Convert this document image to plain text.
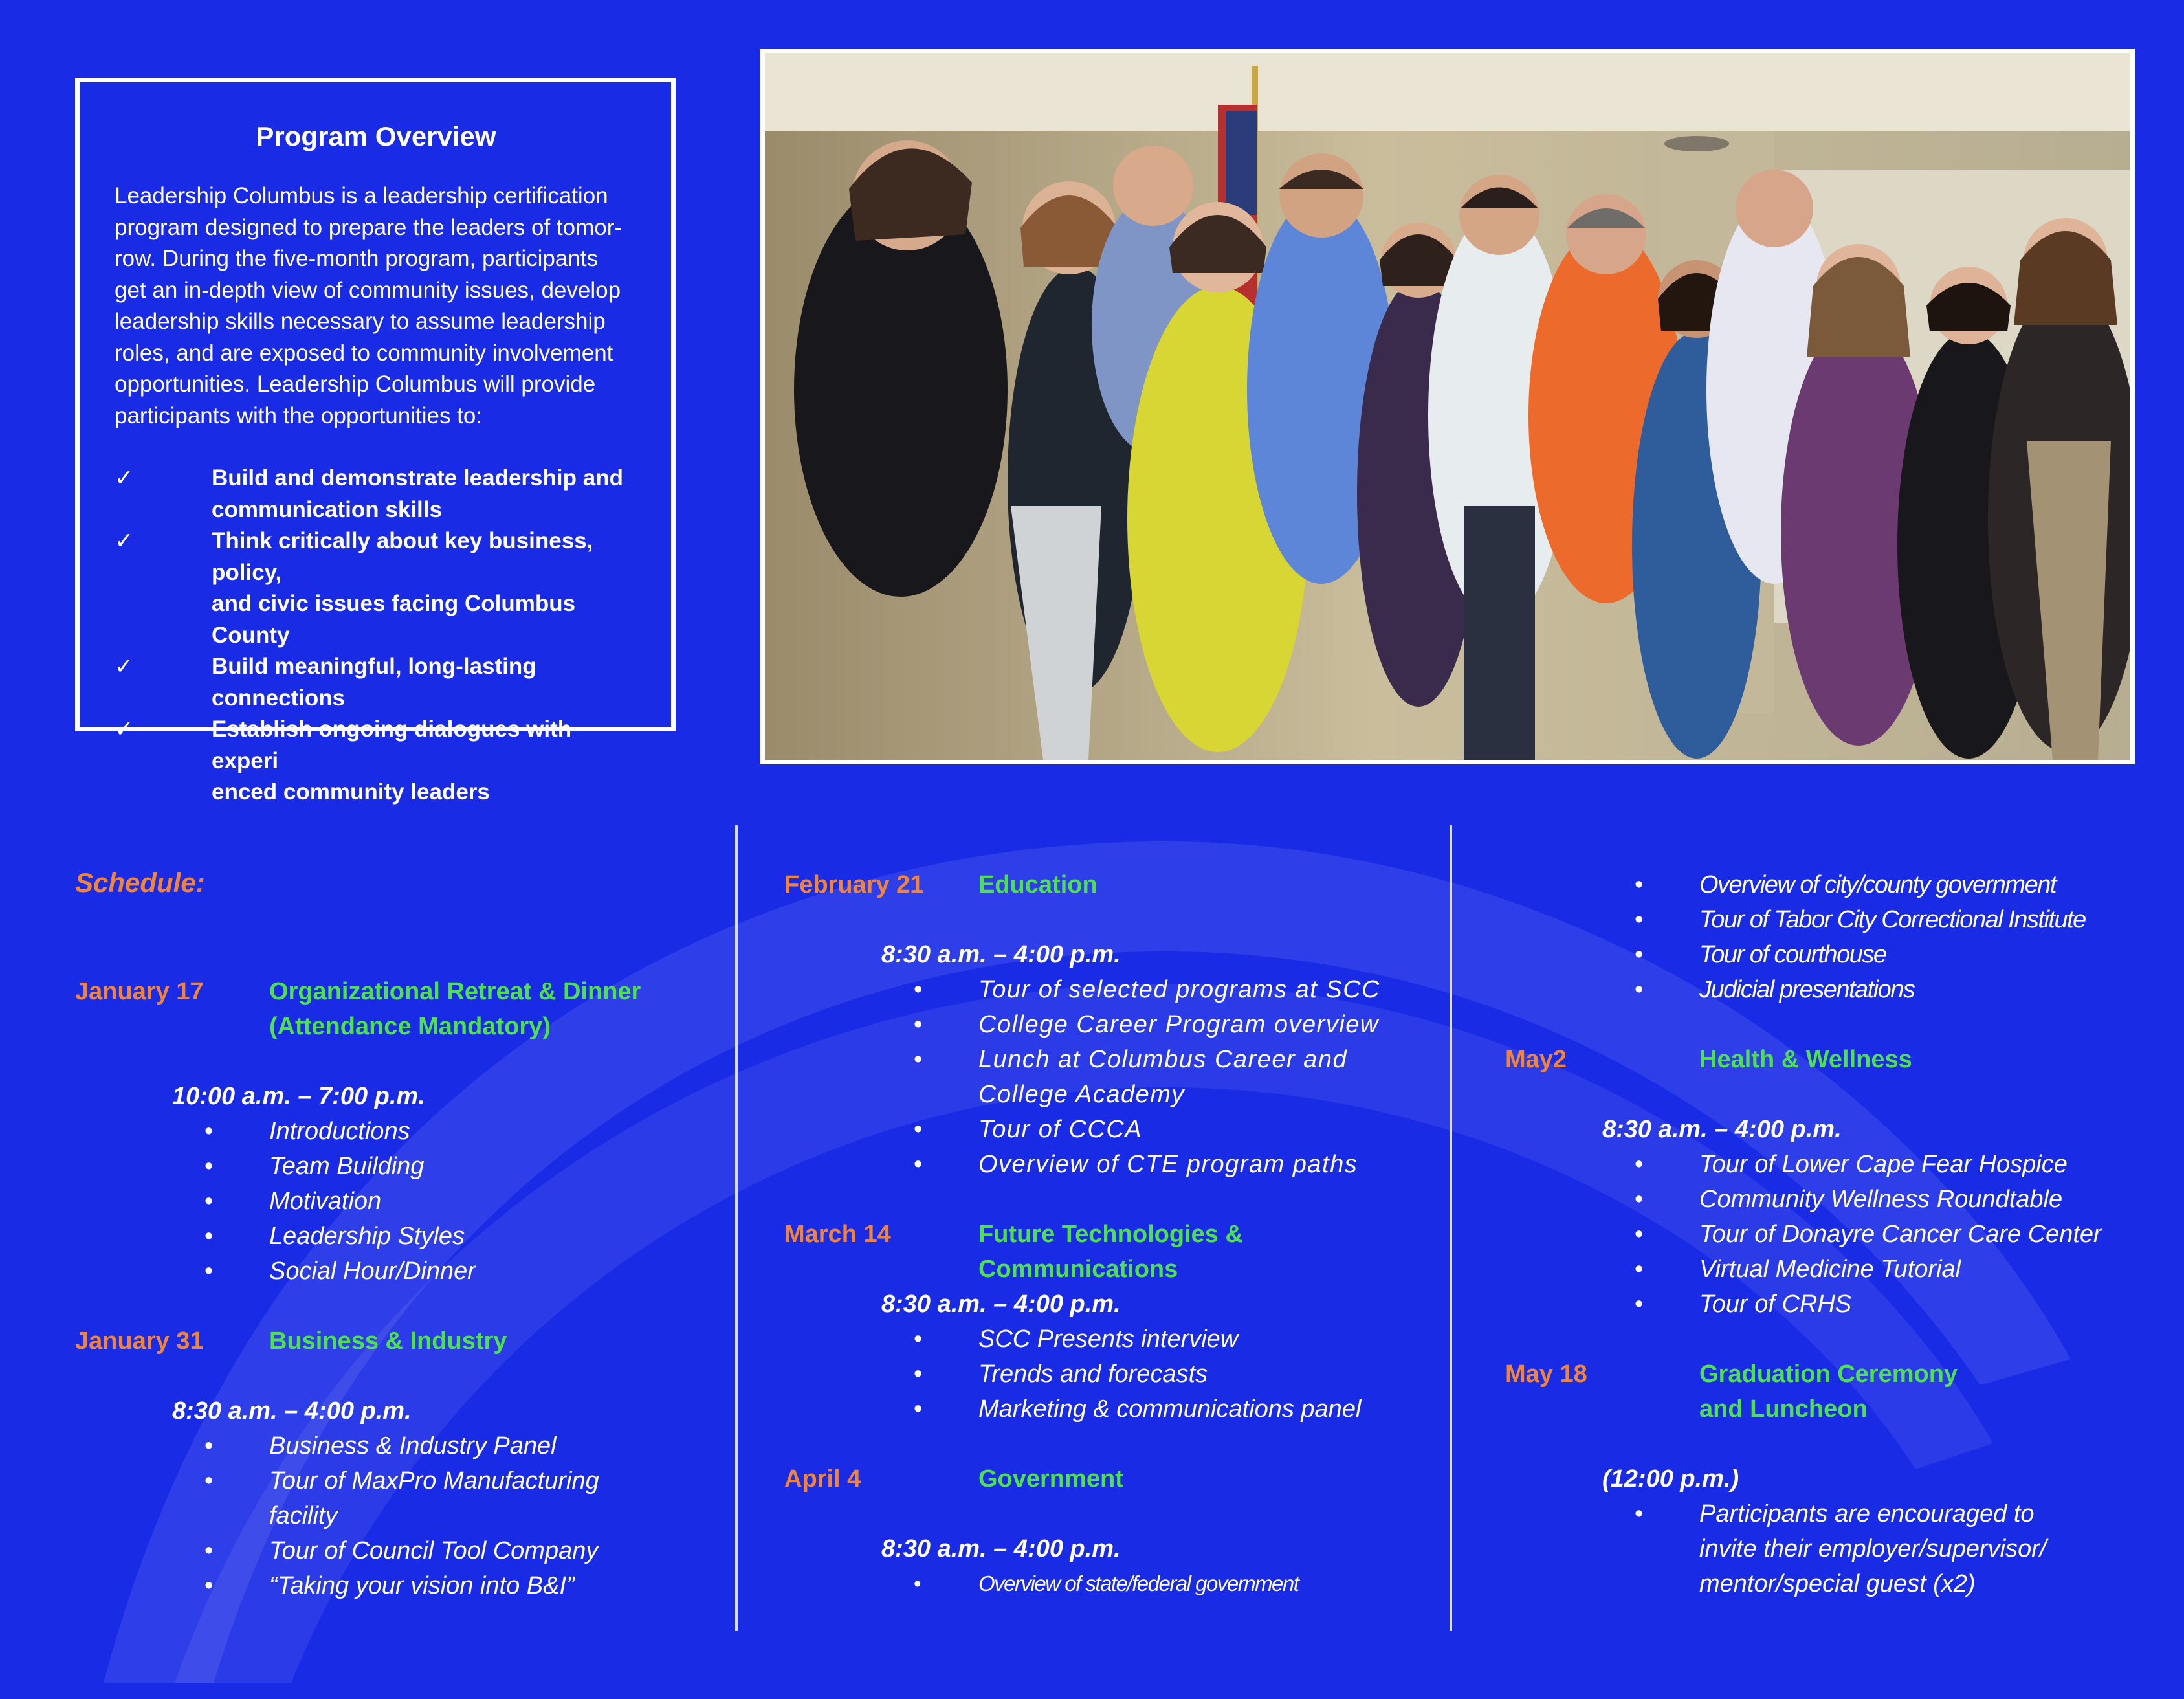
Program Overview

Leadership Columbus is a leadership certification
program designed to prepare the leaders of tomor-
row. During the five-month program, participants
get an in-depth view of community issues, develop
leadership skills necessary to assume leadership
roles, and are exposed to community involvement
opportunities. Leadership Columbus will provide
participants with the opportunities to:

✓	Build and demonstrate leadership and
communication skills
✓	Think critically about key business, policy,
and civic issues facing Columbus County
✓	Build meaningful, long-lasting connections
✓	Establish ongoing dialogues with experi
enced community leaders
Schedule:
January 17	Organizational Retreat & Dinner
(Attendance Mandatory)
10:00 a.m. – 7:00 p.m.
• Introductions
• Team Building
• Motivation
• Leadership Styles
• Social Hour/Dinner
January 31	Business & Industry
8:30 a.m. – 4:00 p.m.
• Business & Industry Panel
• Tour of MaxPro Manufacturing
facility
• Tour of Council Tool Company
• “Taking your vision into B&I”
February 21 Education
8:30 a.m. – 4:00 p.m.
• Tour of selected programs at SCC
• College Career Program overview
• Lunch at Columbus Career and
College Academy
• Tour of CCCA
• Overview of CTE program paths
March 14	Future Technologies &
Communications
8:30 a.m. – 4:00 p.m.
• SCC Presents interview
• Trends and forecasts
• Marketing & communications panel
April 4	Government
8:30 a.m. – 4:00 p.m.
•	Overview of state/federal government
• Overview of city/county government
• Tour of Tabor City Correctional Institute
• Tour of courthouse
• Judicial presentations
May2	Health & Wellness
8:30 a.m. – 4:00 p.m.
• Tour of Lower Cape Fear Hospice
• Community Wellness Roundtable
• Tour of Donayre Cancer Care Center
• Virtual Medicine Tutorial
• Tour of CRHS
May 18	Graduation Ceremony
and Luncheon
(12:00 p.m.)
• Participants are encouraged to
invite their employer/supervisor/
mentor/special guest (x2)
